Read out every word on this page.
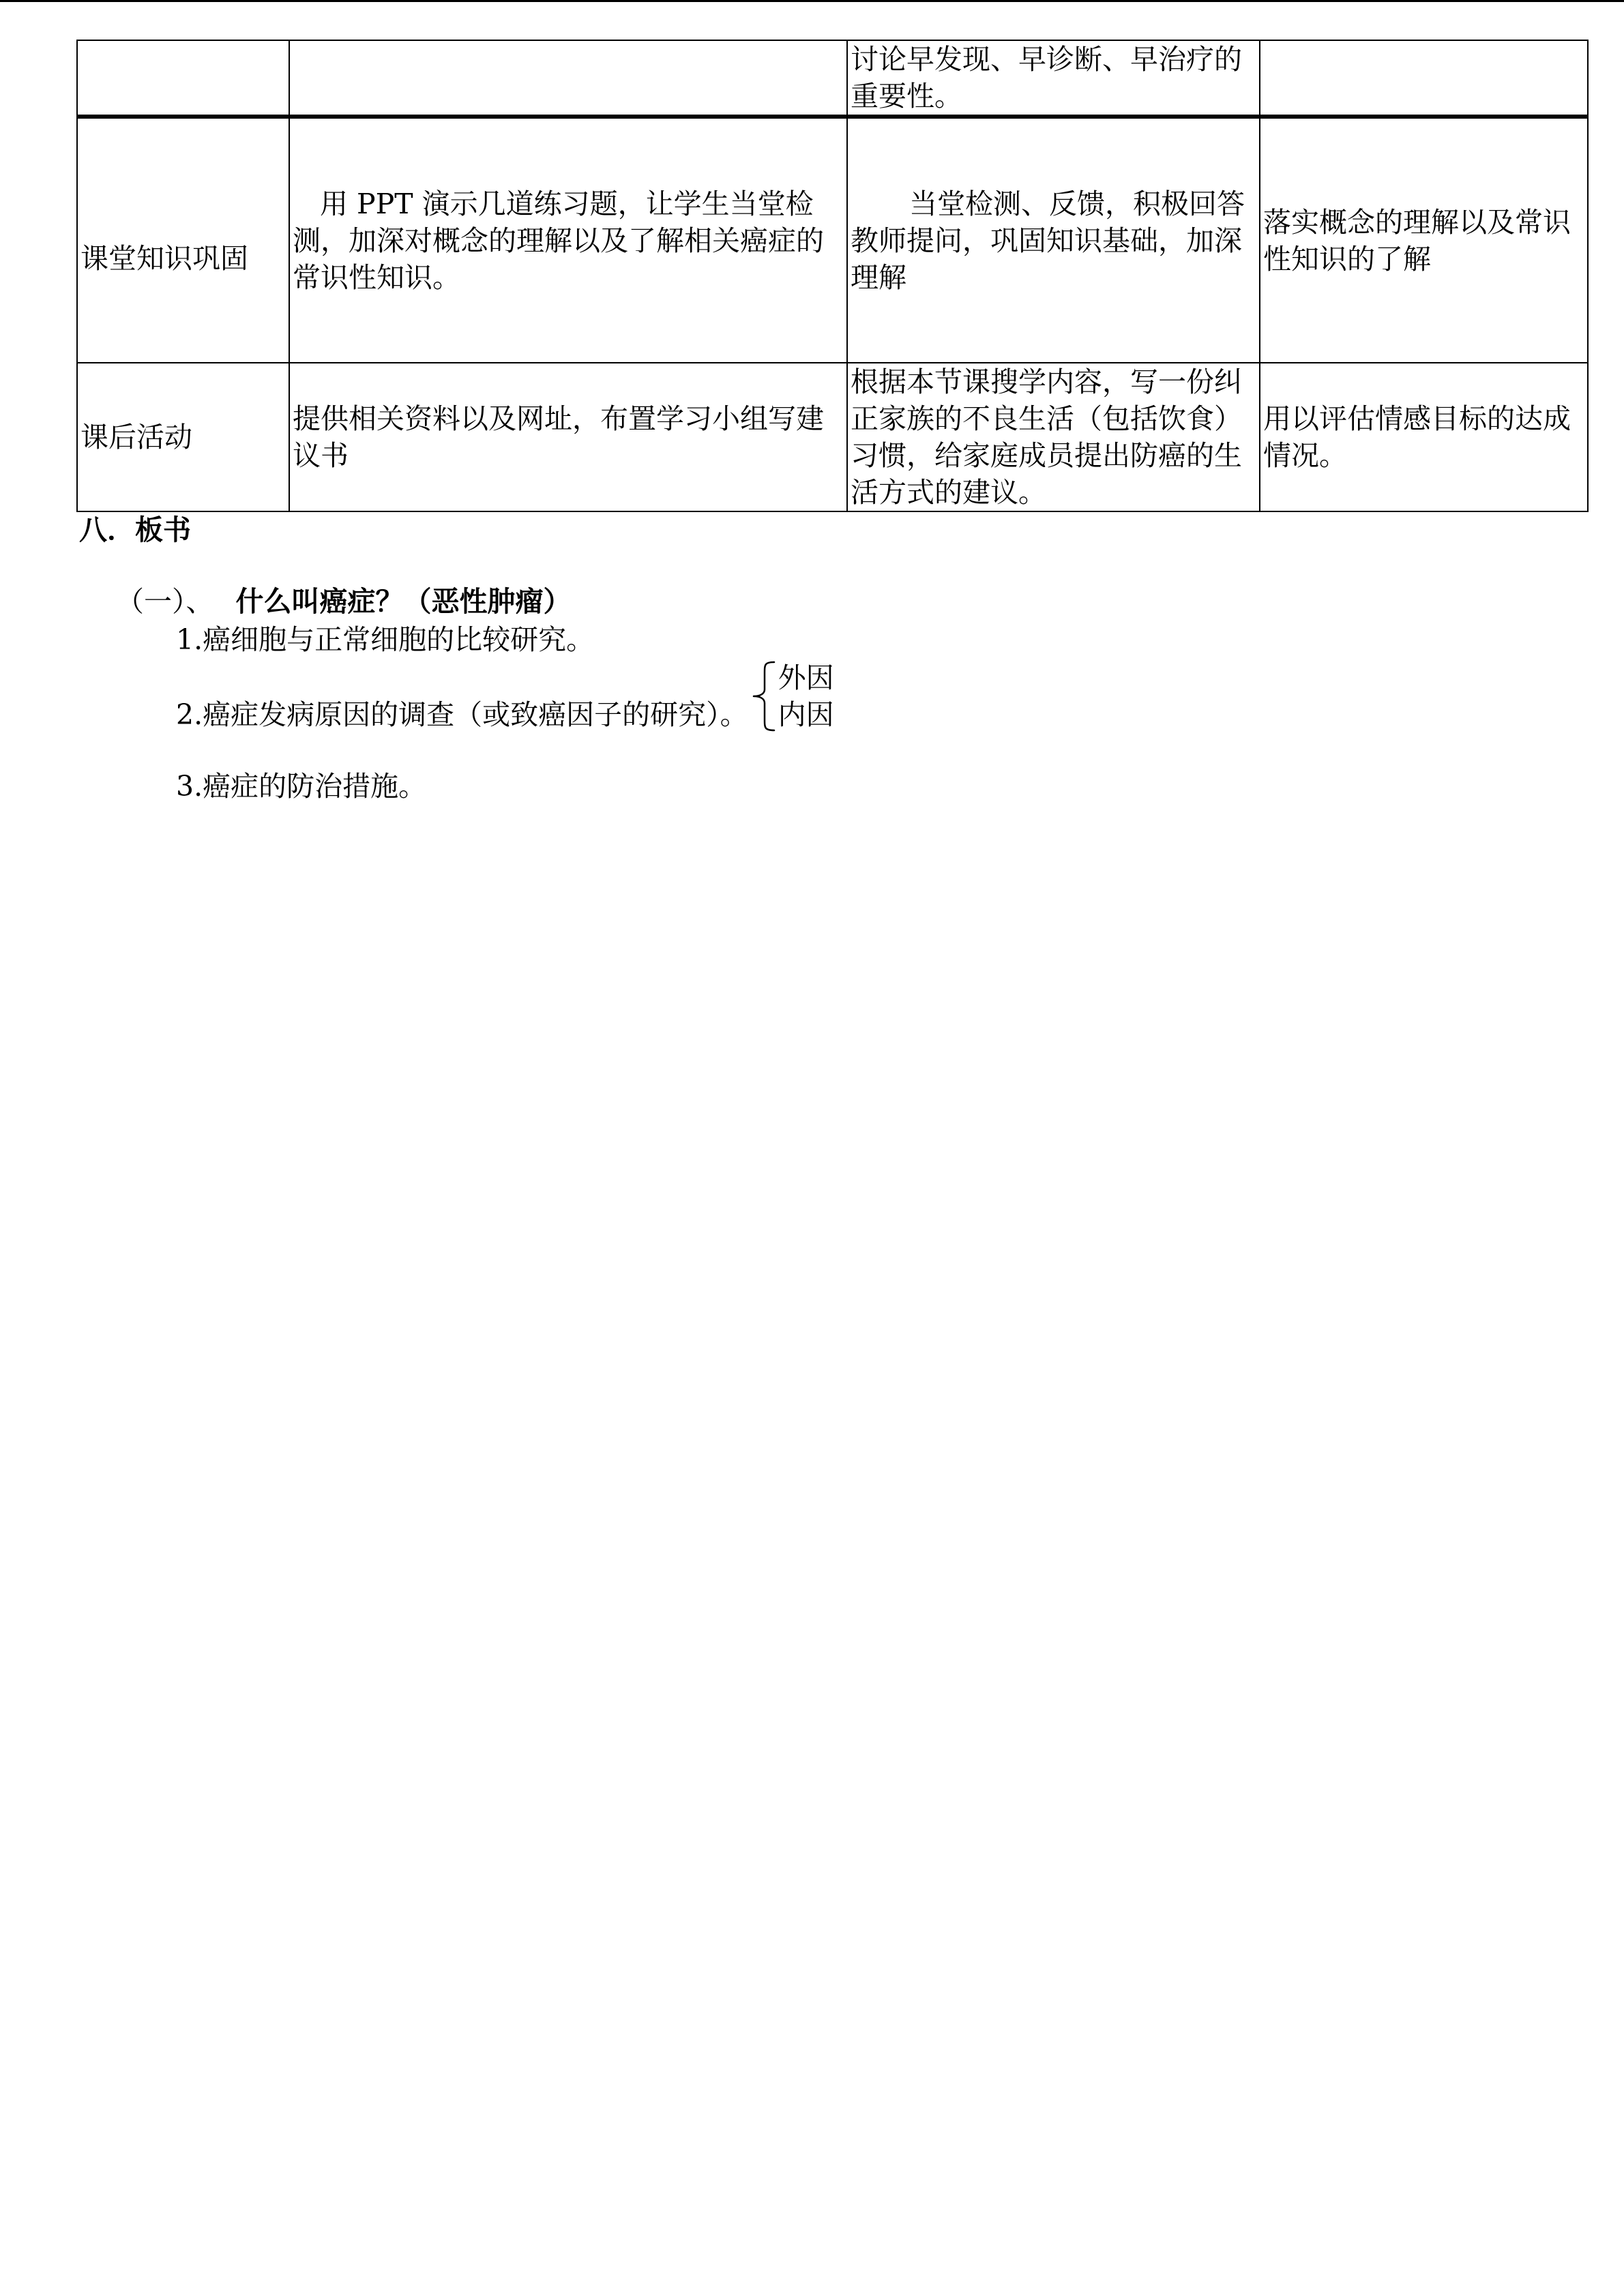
		讨论早发现、早诊断、早治疗的
重要性。	

课堂知识巩固	用 PPT 演示几道练习题，让学生当堂检
测，加深对概念的理解以及了解相关癌症的
常识性知识。	当堂检测、反馈，积极回答
教师提问，巩固知识基础，加深
理解	落实概念的理解以及常识
性知识的了解

课后活动	提供相关资料以及网址，布置学习小组写建
议书	根据本节课搜学内容，写一份纠
正家族的不良生活（包括饮食）
习惯，给家庭成员提出防癌的生
活方式的建议。	用以评估情感目标的达成
情况。
八．板书
（一）、 什么叫癌症？（恶性肿瘤）
1.癌细胞与正常细胞的比较研究。
2.癌症发病原因的调查（或致癌因子的研究）。
外因
内因
3.癌症的防治措施。
